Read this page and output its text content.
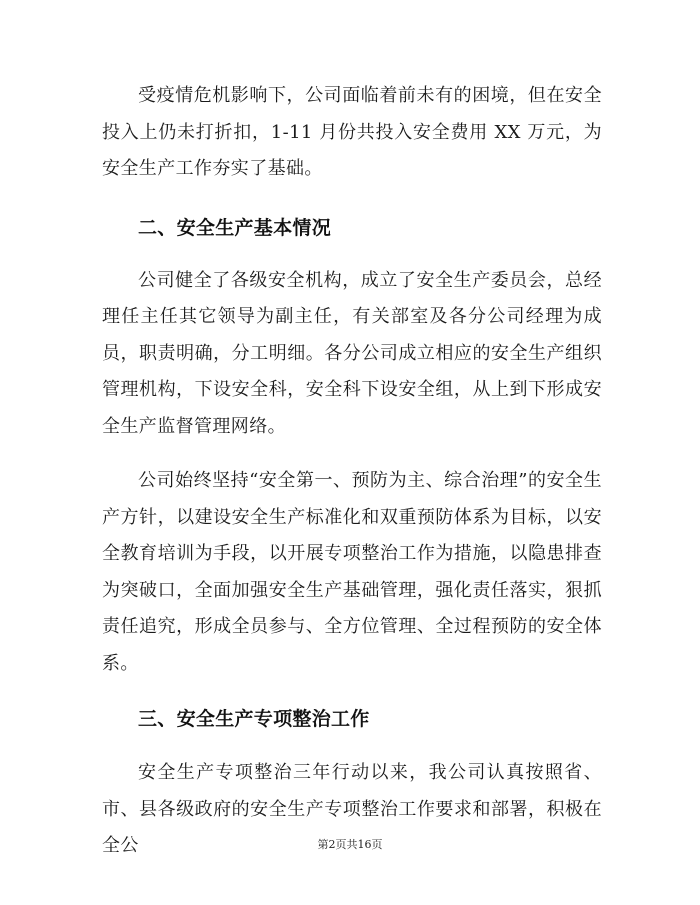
受疫情危机影响下，公司面临着前未有的困境，但在安全投入上仍未打折扣，1-11 月份共投入安全费用 XX 万元，为安全生产工作夯实了基础。

二、安全生产基本情况

公司健全了各级安全机构，成立了安全生产委员会，总经理任主任其它领导为副主任，有关部室及各分公司经理为成员，职责明确，分工明细。各分公司成立相应的安全生产组织管理机构，下设安全科，安全科下设安全组，从上到下形成安全生产监督管理网络。

公司始终坚持“安全第一、预防为主、综合治理”的安全生产方针，以建设安全生产标准化和双重预防体系为目标，以安全教育培训为手段，以开展专项整治工作为措施，以隐患排查为突破口，全面加强安全生产基础管理，强化责任落实，狠抓责任追究，形成全员参与、全方位管理、全过程预防的安全体系。

三、安全生产专项整治工作

安全生产专项整治三年行动以来，我公司认真按照省、市、县各级政府的安全生产专项整治工作要求和部署，积极在全公	第2页共16页
